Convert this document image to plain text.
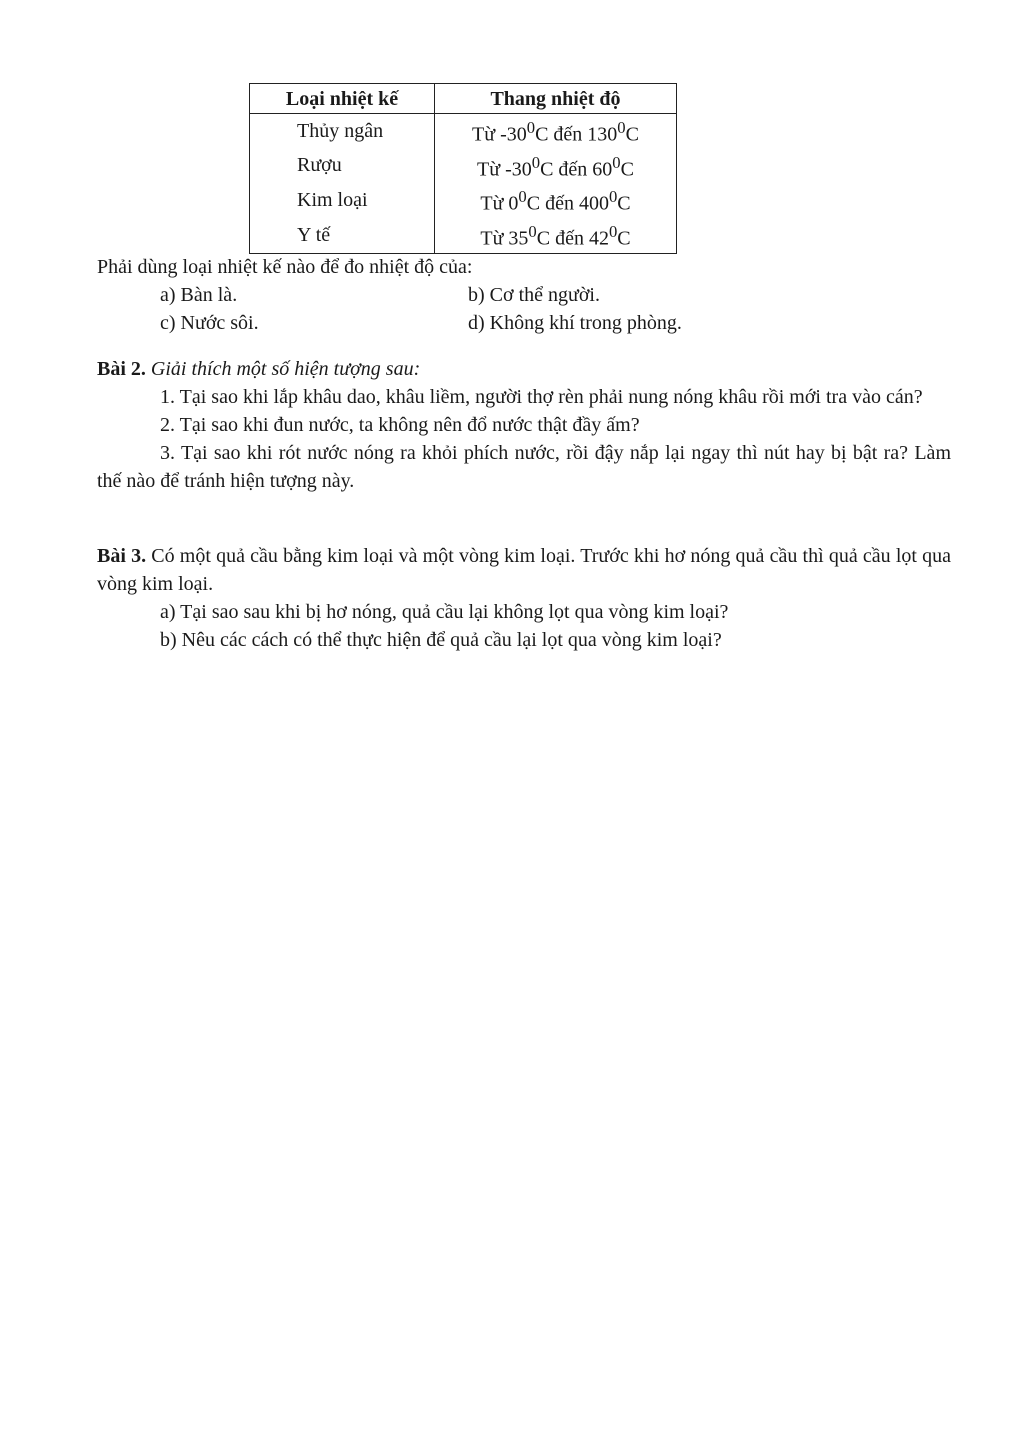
Loại nhiệt kế	Thang nhiệt độ
Thủy ngân	Từ $-30^0C$ đến $130^0C$
Rượu	Từ $-30^0C$ đến $60^0C$
Kim loại	Từ $0^0C$ đến $400^0C$
Y tế	Từ $35^0C$ đến $42^0C$
Phải dùng loại nhiệt kế nào để đo nhiệt độ của:
a) Bàn là.	b) Cơ thể người.
c) Nước sôi.	d) Không khí trong phòng.
Bài 2. Giải thích một số hiện tượng sau:
1. Tại sao khi lắp khâu dao, khâu liềm, người thợ rèn phải nung nóng khâu rồi mới tra vào cán?
2. Tại sao khi đun nước, ta không nên đổ nước thật đầy ấm?
3. Tại sao khi rót nước nóng ra khỏi phích nước, rồi đậy nắp lại ngay thì nút hay bị bật ra? Làm thế nào để tránh hiện tượng này.
Bài 3. Có một quả cầu bằng kim loại và một vòng kim loại. Trước khi hơ nóng quả cầu thì quả cầu lọt qua vòng kim loại.
a) Tại sao sau khi bị hơ nóng, quả cầu lại không lọt qua vòng kim loại?
b) Nêu các cách có thể thực hiện để quả cầu lại lọt qua vòng kim loại?
